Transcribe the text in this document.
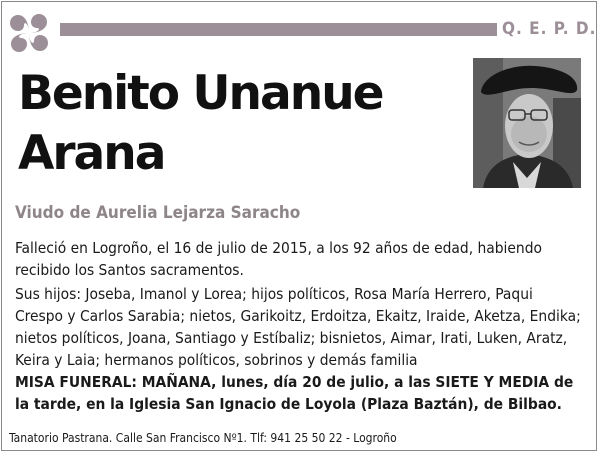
Q. E. P. D.
Benito Unanue
Arana
Viudo de Aurelia Lejarza Saracho
Falleció en Logroño, el 16 de julio de 2015, a los 92 años de edad, habiendo recibido los Santos sacramentos.
Sus hijos: Joseba, Imanol y Lorea; hijos políticos, Rosa María Herrero, Paqui Crespo y Carlos Sarabia; nietos, Garikoitz, Erdoitza, Ekaitz, Iraide, Aketza, Endika; nietos políticos, Joana, Santiago y Estíbaliz; bisnietos, Aimar, Irati, Luken, Aratz, Keira y Laia; hermanos políticos, sobrinos y demás familia
MISA FUNERAL: MAÑANA, lunes, día 20 de julio, a las SIETE Y MEDIA de la tarde, en la Iglesia San Ignacio de Loyola (Plaza Baztán), de Bilbao.
Tanatorio Pastrana. Calle San Francisco Nº1. Tlf: 941 25 50 22 - Logroño
